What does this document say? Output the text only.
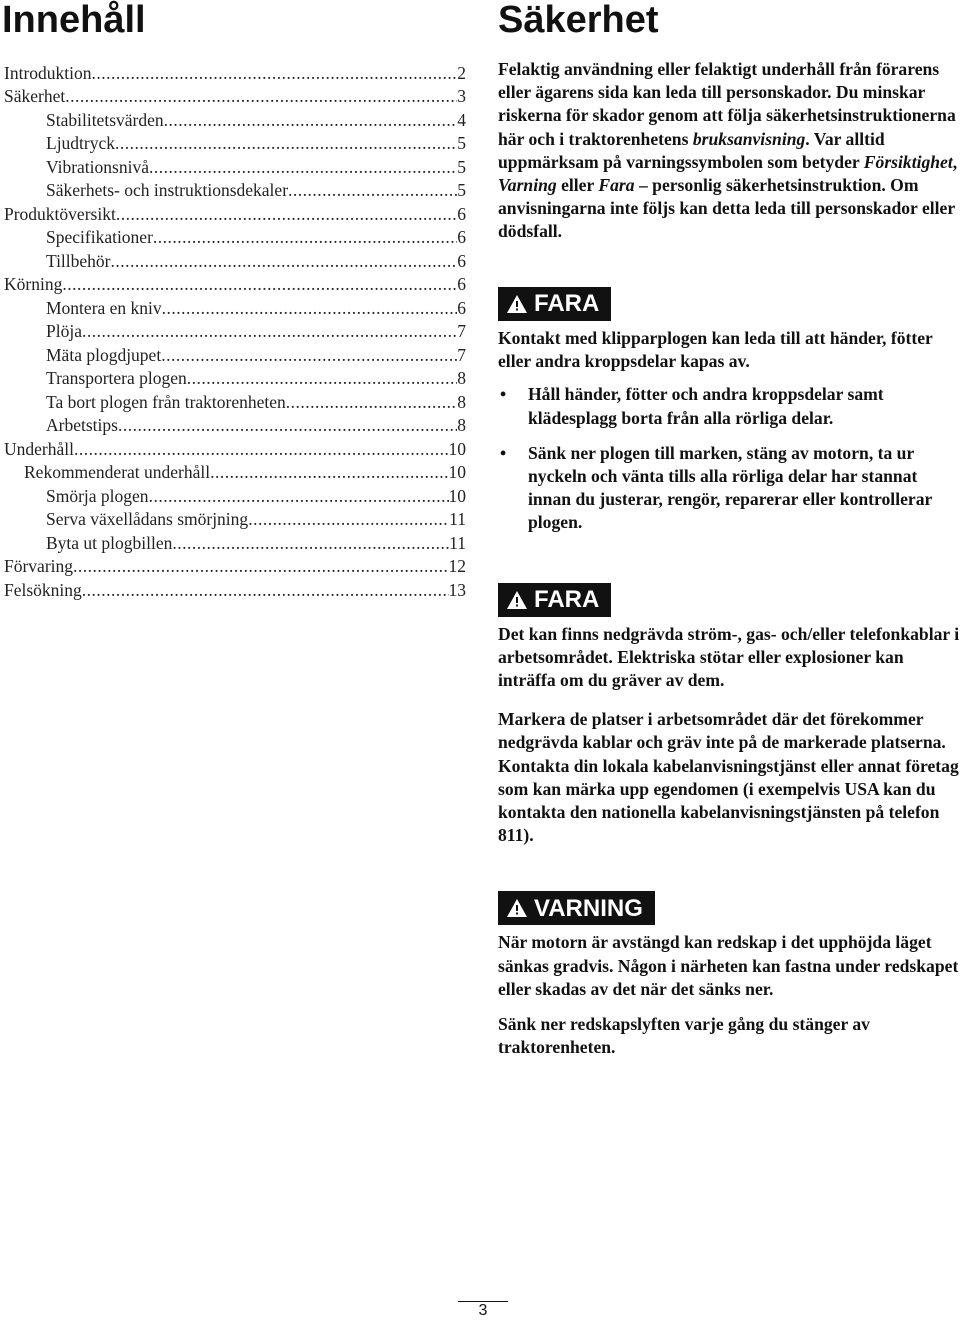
Innehåll	Säkerhet
Introduktion .....	2
Säkerhet .....	3
Stabilitetsvärden .....	4
Ljudtryck .....	5
Vibrationsnivå .....	5
Säkerhets- och instruktionsdekaler .....	5
Produktöversikt .....	6
Specifikationer .....	6
Tillbehör .....	6
Körning .....	6
Montera en kniv .....	6
Plöja .....	7
Mäta plogdjupet .....	7
Transportera plogen .....	8
Ta bort plogen från traktorenheten .....	8
Arbetstips .....	8
Underhåll .....	10
Rekommenderat underhåll .....	10
Smörja plogen .....	10
Serva växellådans smörjning .....	11
Byta ut plogbillen .....	11
Förvaring .....	12
Felsökning .....	13

Felaktig användning eller felaktigt underhåll från förarens eller ägarens sida kan leda till personskador. Du minskar riskerna för skador genom att följa säkerhetsinstruktionerna här och i traktorenhetens bruksanvisning. Var alltid uppmärksam på varningssymbolen som betyder Försiktighet, Varning eller Fara – personlig säkerhetsinstruktion. Om anvisningarna inte följs kan detta leda till personskador eller dödsfall.

FARA

Kontakt med klipparplogen kan leda till att händer, fötter eller andra kroppsdelar kapas av.

• Håll händer, fötter och andra kroppsdelar samt klädesplagg borta från alla rörliga delar.
• Sänk ner plogen till marken, stäng av motorn, ta ur nyckeln och vänta tills alla rörliga delar har stannat innan du justerar, rengör, reparerar eller kontrollerar plogen.
FARA

Det kan finns nedgrävda ström-, gas- och/eller telefonkablar i arbetsområdet. Elektriska stötar eller explosioner kan inträffa om du gräver av dem.

Markera de platser i arbetsområdet där det förekommer nedgrävda kablar och gräv inte på de markerade platserna. Kontakta din lokala kabelanvisningstjänst eller annat företag som kan märka upp egendomen (i exempelvis USA kan du kontakta den nationella kabelanvisningstjänsten på telefon 811).

VARNING

När motorn är avstängd kan redskap i det upphöjda läget sänkas gradvis. Någon i närheten kan fastna under redskapet eller skadas av det när det sänks ner.

Sänk ner redskapslyften varje gång du stänger av traktorenheten.

3
